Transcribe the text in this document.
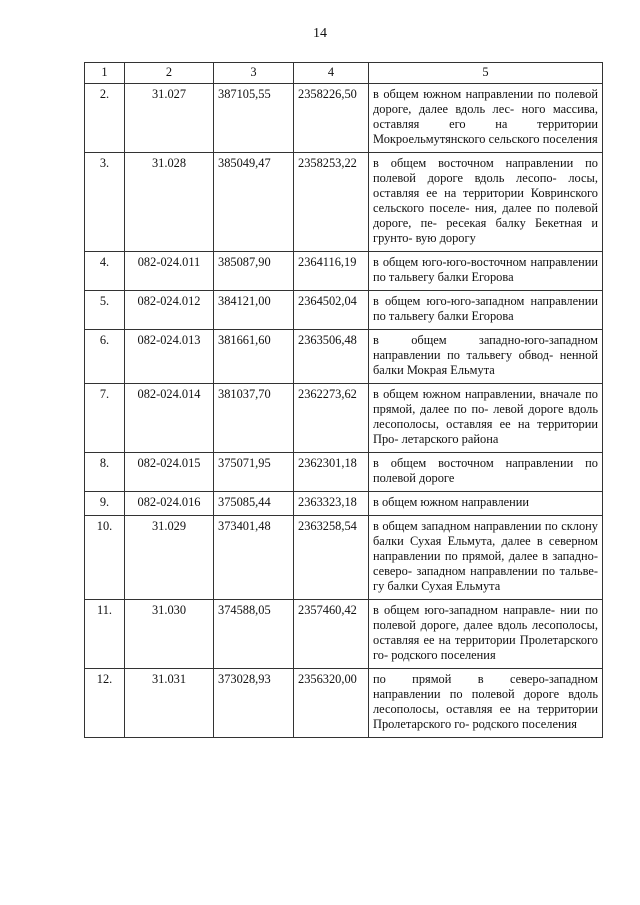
14
1	2	3	4	5
2.	31.027	387105,55	2358226,50	в общем южном направлении по полевой дороге, далее вдоль лес- ного массива, оставляя его на территории Мокроельмутянского сельского поселения
3.	31.028	385049,47	2358253,22	в общем восточном направлении по полевой дороге вдоль лесопо- лосы, оставляя ее на территории Ковринского сельского поселе- ния, далее по полевой дороге, пе- ресекая балку Бекетная и грунто- вую дорогу
4.	082-024.011	385087,90	2364116,19	в общем юго-юго-восточном направлении по тальвегу балки Егорова
5.	082-024.012	384121,00	2364502,04	в общем юго-юго-западном направлении по тальвегу балки Егорова
6.	082-024.013	381661,60	2363506,48	в общем западно-юго-западном направлении по тальвегу обвод- ненной балки Мокрая Ельмута
7.	082-024.014	381037,70	2362273,62	в общем южном направлении, вначале по прямой, далее по по- левой дороге вдоль лесополосы, оставляя ее на территории Про- летарского района
8.	082-024.015	375071,95	2362301,18	в общем восточном направлении по полевой дороге
9.	082-024.016	375085,44	2363323,18	в общем южном направлении
10.	31.029	373401,48	2363258,54	в общем западном направлении по склону балки Сухая Ельмута, далее в северном направлении по прямой, далее в западно-северо- западном направлении по тальве- гу балки Сухая Ельмута
11.	31.030	374588,05	2357460,42	в общем юго-западном направле- нии по полевой дороге, далее вдоль лесополосы, оставляя ее на территории Пролетарского го- родского поселения
12.	31.031	373028,93	2356320,00	по прямой в северо-западном направлении по полевой дороге вдоль лесополосы, оставляя ее на территории Пролетарского го- родского поселения
